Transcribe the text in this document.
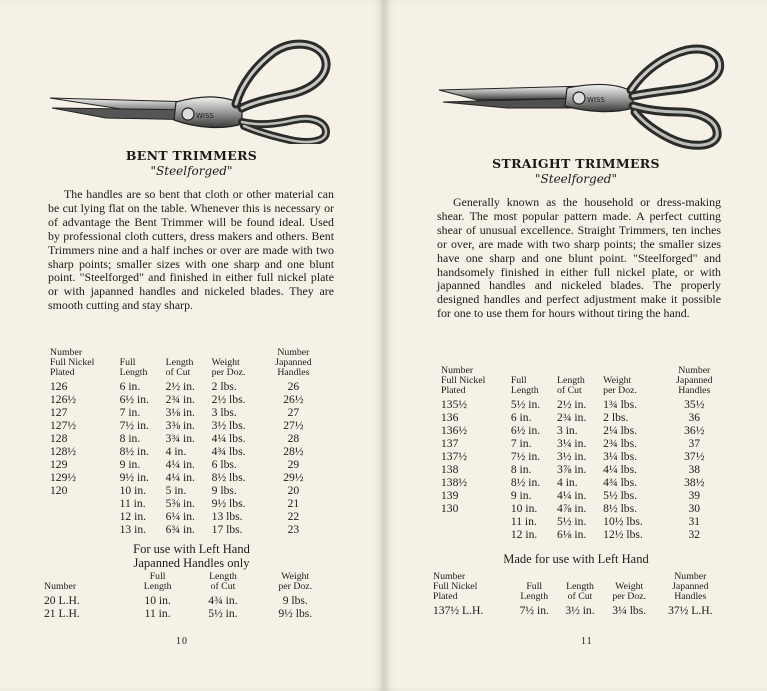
WISS
BENT TRIMMERS
"Steelforged"
The handles are so bent that cloth or other material can be cut lying flat on the table. Whenever this is necessary or of advantage the Bent Trimmer will be found ideal. Used by professional cloth cutters, dress makers and others. Bent Trimmers nine and a half inches or over are made with two sharp points; smaller sizes with one sharp and one blunt point. "Steelforged" and finished in either full nickel plate or with japanned handles and nickeled blades. They are smooth cutting and stay sharp.
Number
Full Nickel
Plated	Full
Length	Length
of Cut	Weight
per Doz.	Number
Japanned
Handles
126	6 in.	2½ in.	2 lbs.	26
126½	6½ in.	2¾ in.	2½ lbs.	26½
127	7 in.	3⅛ in.	3 lbs.	27
127½	7½ in.	3⅜ in.	3½ lbs.	27½
128	8 in.	3¾ in.	4¼ lbs.	28
128½	8½ in.	4 in.	4¾ lbs.	28½
129	9 in.	4¼ in.	6 lbs.	29
129½	9½ in.	4¼ in.	8½ lbs.	29½
120	10 in.	5 in.	9 lbs.	20
	11 in.	5⅜ in.	9½ lbs.	21
	12 in.	6¼ in.	13 lbs.	22
	13 in.	6¾ in.	17 lbs.	23
For use with Left Hand
Japanned Handles only
Number	Full
Length	Length
of Cut	Weight
per Doz.
20 L.H.	10 in.	4¾ in.	9 lbs.
21 L.H.	11 in.	5½ in.	9½ lbs.
10
WISS
STRAIGHT TRIMMERS
"Steelforged"
Generally known as the household or dress-making shear. The most popular pattern made. A perfect cutting shear of unusual excellence. Straight Trimmers, ten inches or over, are made with two sharp points; the smaller sizes have one sharp and one blunt point. "Steelforged" and handsomely finished in either full nickel plate, or with japanned handles and nickeled blades. The properly designed handles and perfect adjustment make it possible for one to use them for hours without tiring the hand.
Number
Full Nickel
Plated	Full
Length	Length
of Cut	Weight
per Doz.	Number
Japanned
Handles
135½	5½ in.	2½ in.	1¾ lbs.	35½
136	6 in.	2¾ in.	2 lbs.	36
136½	6½ in.	3 in.	2¼ lbs.	36½
137	7 in.	3¼ in.	2¾ lbs.	37
137½	7½ in.	3½ in.	3¼ lbs.	37½
138	8 in.	3⅞ in.	4¼ lbs.	38
138½	8½ in.	4 in.	4¾ lbs.	38½
139	9 in.	4¼ in.	5½ lbs.	39
130	10 in.	4⅞ in.	8½ lbs.	30
	11 in.	5½ in.	10½ lbs.	31
	12 in.	6⅛ in.	12½ lbs.	32
Made for use with Left Hand
Number
Full Nickel
Plated	Full
Length	Length
of Cut	Weight
per Doz.	Number
Japanned
Handles
137½ L.H.	7½ in.	3½ in.	3¼ lbs.	37½ L.H.
11
